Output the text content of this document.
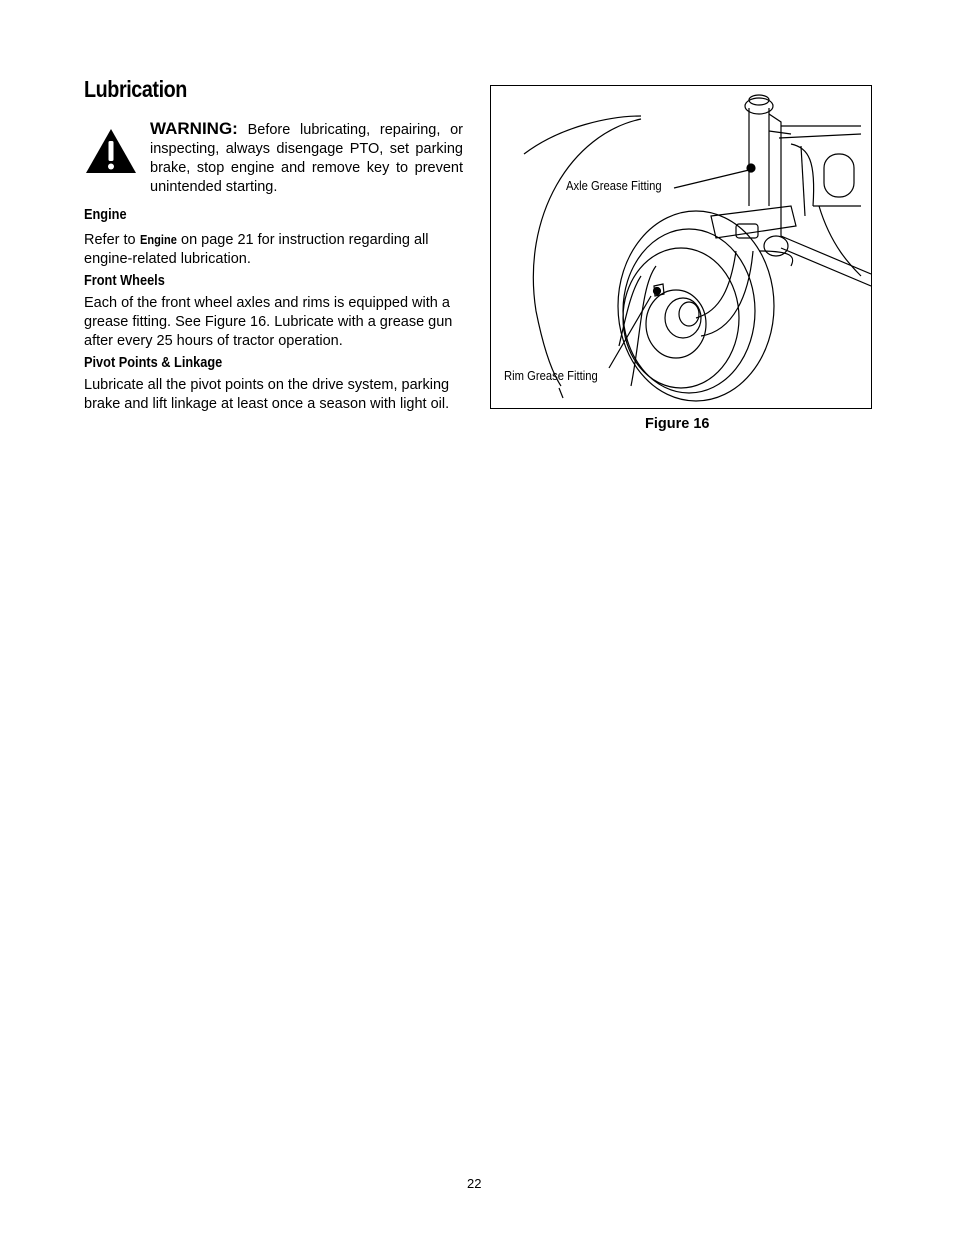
Lubrication
WARNING: Before lubricating, repairing, or inspecting, always disengage PTO, set parking brake, stop engine and remove key to prevent unintended starting.
Engine

Refer to Engine on page 21 for instruction regarding all engine-related lubrication.

Front Wheels

Each of the front wheel axles and rims is equipped with a grease fitting. See Figure 16. Lubricate with a grease gun after every 25 hours of tractor operation.

Pivot Points & Linkage

Lubricate all the pivot points on the drive system, parking brake and lift linkage at least once a season with light oil.

Axle Grease Fitting
Rim Grease Fitting
Figure 16
22
